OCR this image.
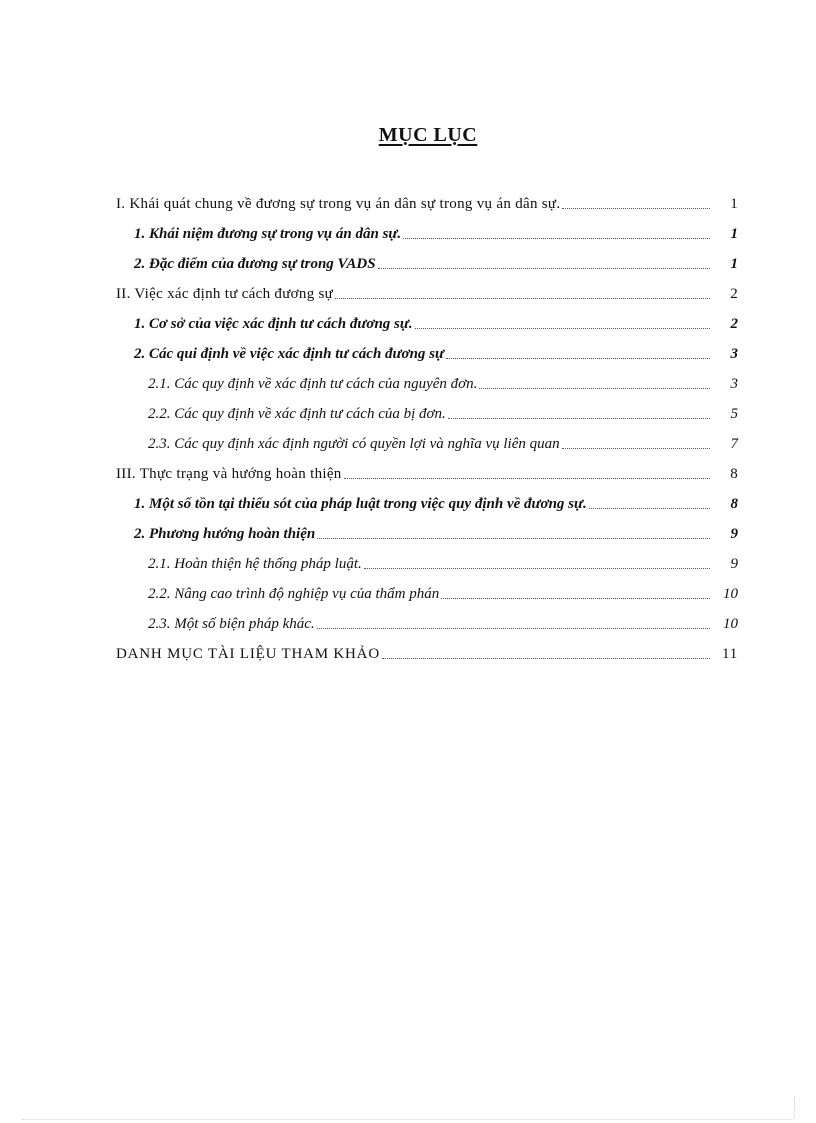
MỤC LỤC
I. Khái quát chung về đương sự trong vụ án dân sự trong vụ án dân sự.	1
1. Khái niệm đương sự trong vụ án dân sự.	1
2. Đặc điểm của đương sự trong VADS	1
II. Việc xác định tư cách đương sự	2
1. Cơ sở của việc xác định tư cách đương sự.	2
2. Các qui định về việc xác định tư cách đương sự	3
2.1. Các quy định về xác định tư cách của nguyên đơn.	3
2.2. Các quy định về xác định tư cách của bị đơn.	5
2.3. Các quy định xác định người có quyền lợi và nghĩa vụ liên quan	7
III. Thực trạng và hướng hoàn thiện	8
1. Một số tồn tại thiếu sót của pháp luật trong việc quy định về đương sự.	8
2. Phương hướng hoàn thiện	9
2.1. Hoàn thiện hệ thống pháp luật.	9
2.2. Nâng cao trình độ nghiệp vụ của thẩm phán	10
2.3. Một số biện pháp khác.	10
DANH MỤC TÀI LIỆU THAM KHẢO	11
